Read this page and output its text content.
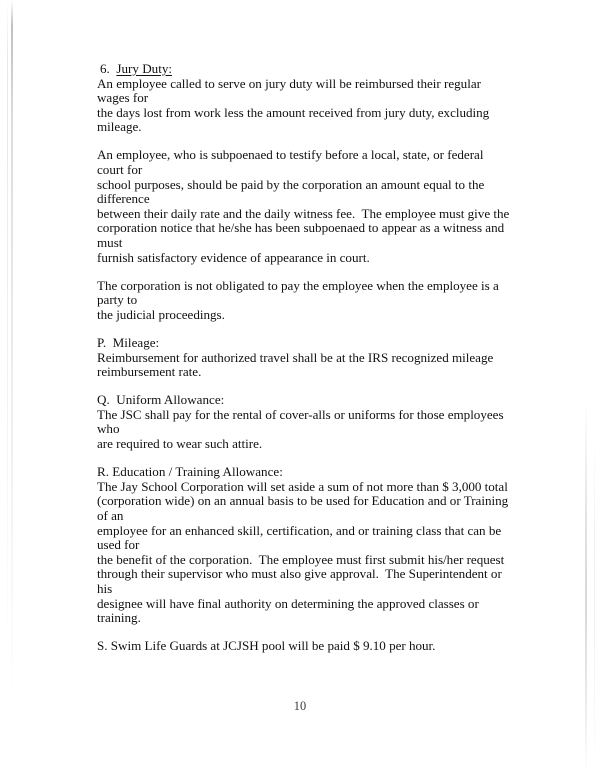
6.  Jury Duty:
An employee called to serve on jury duty will be reimbursed their regular wages for
the days lost from work less the amount received from jury duty, excluding mileage.
An employee, who is subpoenaed to testify before a local, state, or federal court for
school purposes, should be paid by the corporation an amount equal to the difference
between their daily rate and the daily witness fee.  The employee must give the
corporation notice that he/she has been subpoenaed to appear as a witness and must
furnish satisfactory evidence of appearance in court.
The corporation is not obligated to pay the employee when the employee is a party to
the judicial proceedings.
P.  Mileage:
Reimbursement for authorized travel shall be at the IRS recognized mileage
reimbursement rate.
Q.  Uniform Allowance:
The JSC shall pay for the rental of cover-alls or uniforms for those employees who
are required to wear such attire.
R. Education / Training Allowance:
The Jay School Corporation will set aside a sum of not more than $ 3,000 total
(corporation wide) on an annual basis to be used for Education and or Training of an
employee for an enhanced skill, certification, and or training class that can be used for
the benefit of the corporation.  The employee must first submit his/her request
through their supervisor who must also give approval.  The Superintendent or his
designee will have final authority on determining the approved classes or training.
S. Swim Life Guards at JCJSH pool will be paid $ 9.10 per hour.
10
